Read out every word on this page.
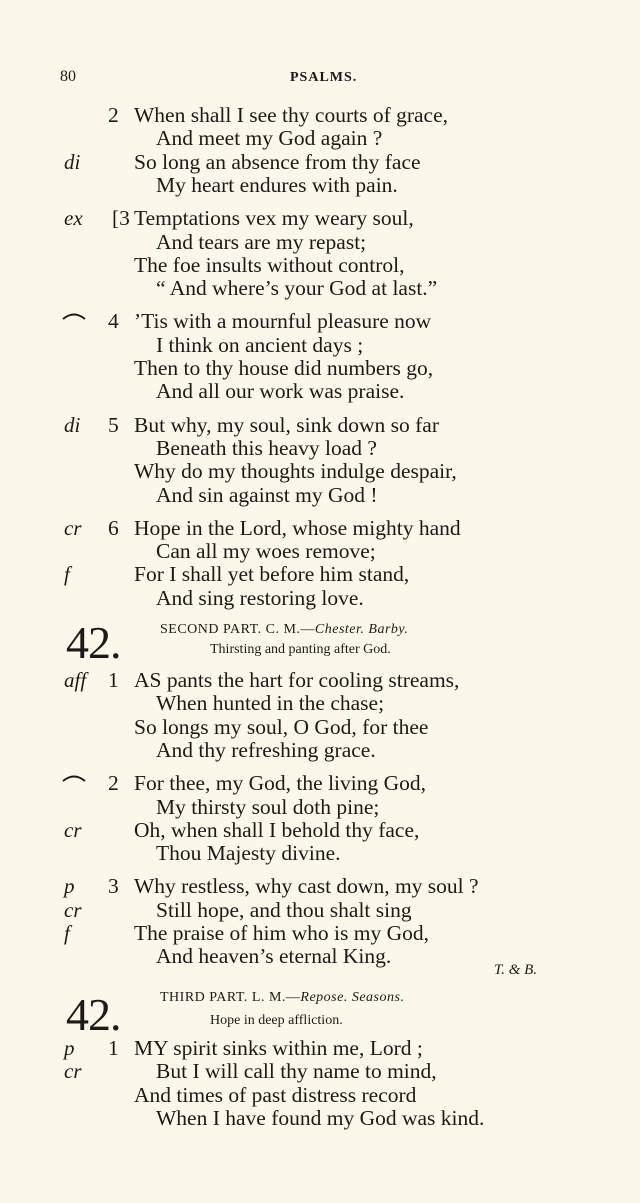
80	PSALMS.
2 When shall I see thy courts of grace,
And meet my God again ?
di So long an absence from thy face
My heart endures with pain.
ex [3 Temptations vex my weary soul,
And tears are my repast;
The foe insults without control,
“ And where’s your God at last.”
4 ’Tis with a mournful pleasure now
I think on ancient days ;
Then to thy house did numbers go,
And all our work was praise.
di 5 But why, my soul, sink down so far
Beneath this heavy load ?
Why do my thoughts indulge despair,
And sin against my God !
cr 6 Hope in the Lord, whose mighty hand
Can all my woes remove;
f	For I shall yet before him stand,
And sing restoring love.
42.	SECOND PART. C. M.—Chester. Barby.
Thirsting and panting after God.
aff 1 AS pants the hart for cooling streams,
When hunted in the chase;
So longs my soul, O God, for thee
And thy refreshing grace.
2 For thee, my God, the living God,
My thirsty soul doth pine;
cr Oh, when shall I behold thy face,
Thou Majesty divine.
p 3 Why restless, why cast down, my soul ?
cr	Still hope, and thou shalt sing
f	The praise of him who is my God,
And heaven’s eternal King.
T. & B.
42.	THIRD PART. L. M.—Repose. Seasons.
Hope in deep affliction.
p 1 MY spirit sinks within me, Lord ;
cr	But I will call thy name to mind,
And times of past distress record
When I have found my God was kind.
